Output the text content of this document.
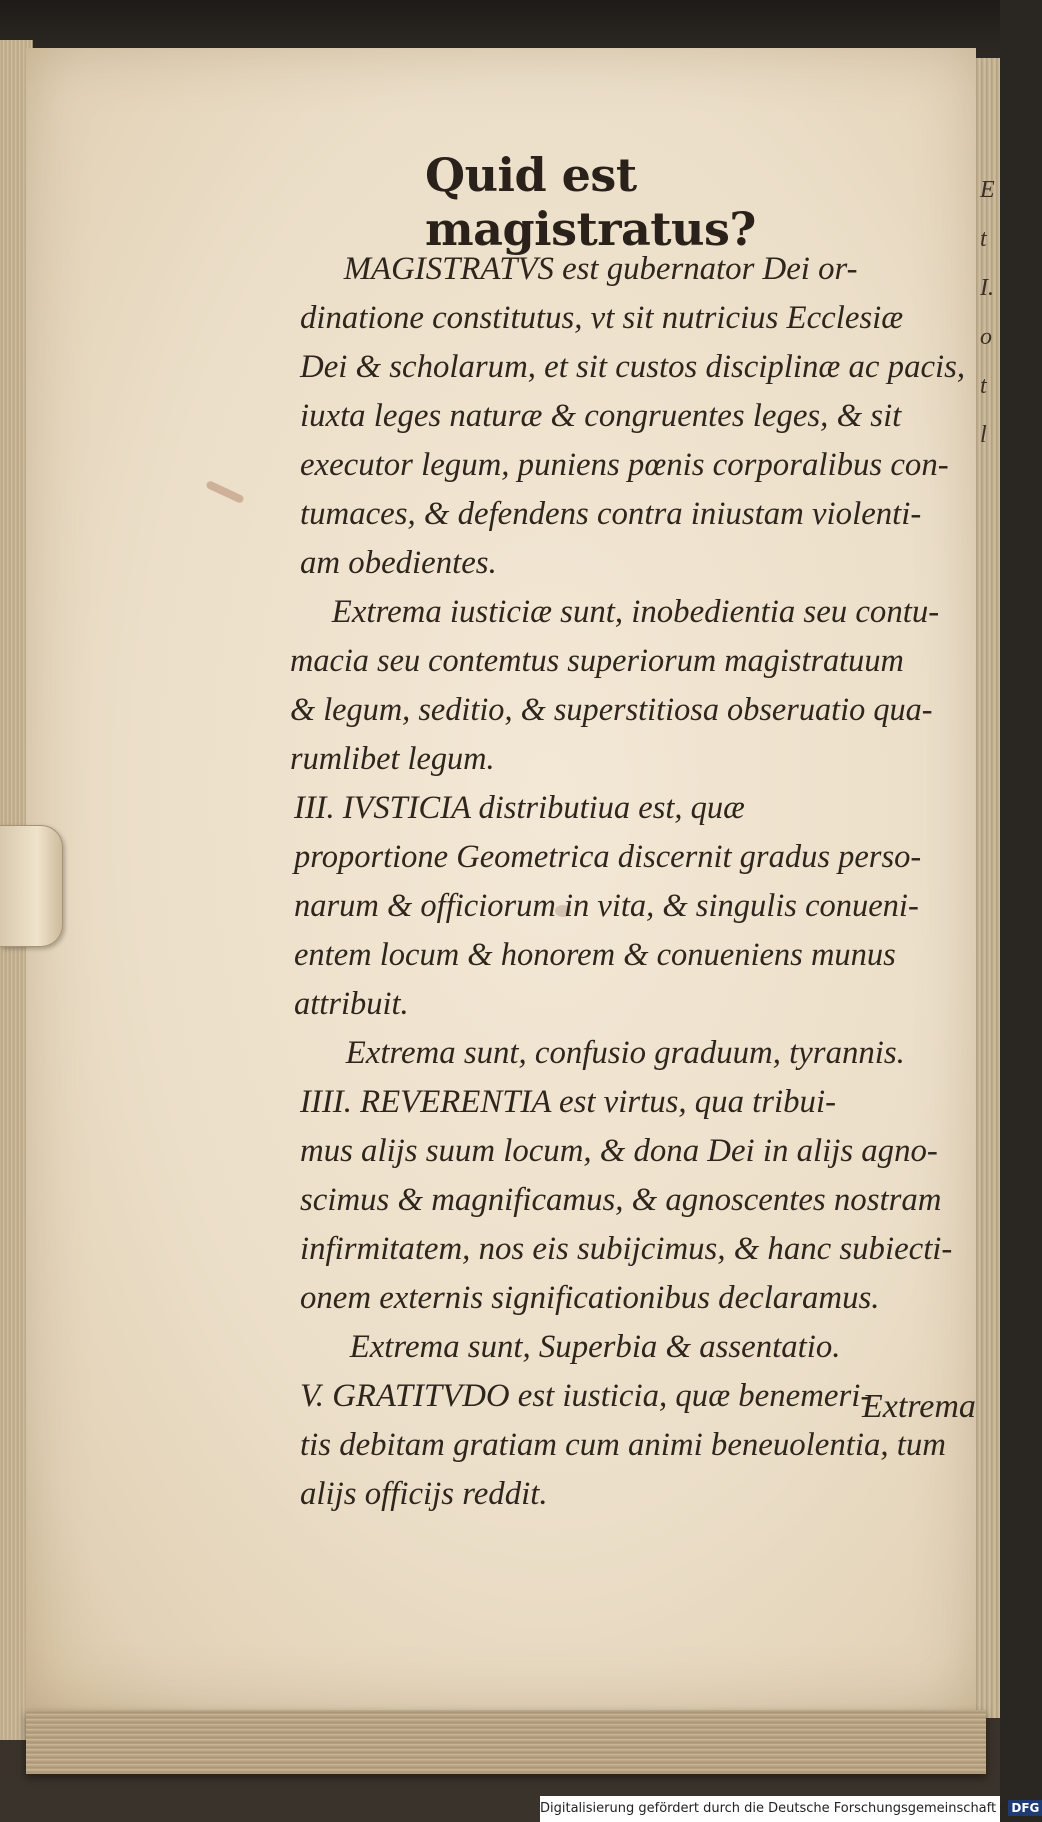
E
t
I.
o
t
l
Quid est magistratus?
MAGISTRATVS est gubernator Dei or-
dinatione constitutus, vt sit nutricius Ecclesiæ
Dei & scholarum, et sit custos disciplinæ ac pacis,
iuxta leges naturæ & congruentes leges, & sit
executor legum, puniens pœnis corporalibus con-
tumaces, & defendens contra iniustam violenti-
am obedientes.
Extrema iusticiæ sunt, inobedientia seu contu-
macia seu contemtus superiorum magistratuum
& legum, seditio, & superstitiosa obseruatio qua-
rumlibet legum.
III. IVSTICIA distributiua est, quæ
proportione Geometrica discernit gradus perso-
narum & officiorum in vita, & singulis conueni-
entem locum & honorem & conueniens munus
attribuit.
Extrema sunt, confusio graduum, tyrannis.
IIII. REVERENTIA est virtus, qua tribui-
mus alijs suum locum, & dona Dei in alijs agno-
scimus & magnificamus, & agnoscentes nostram
infirmitatem, nos eis subijcimus, & hanc subiecti-
onem externis significationibus declaramus.
Extrema sunt, Superbia & assentatio.
V. GRATITVDO est iusticia, quæ benemeri-
tis debitam gratiam cum animi beneuolentia, tum
alijs officijs reddit.
Extrema
Digitalisierung gefördert durch die Deutsche Forschungsgemeinschaft · DFG
